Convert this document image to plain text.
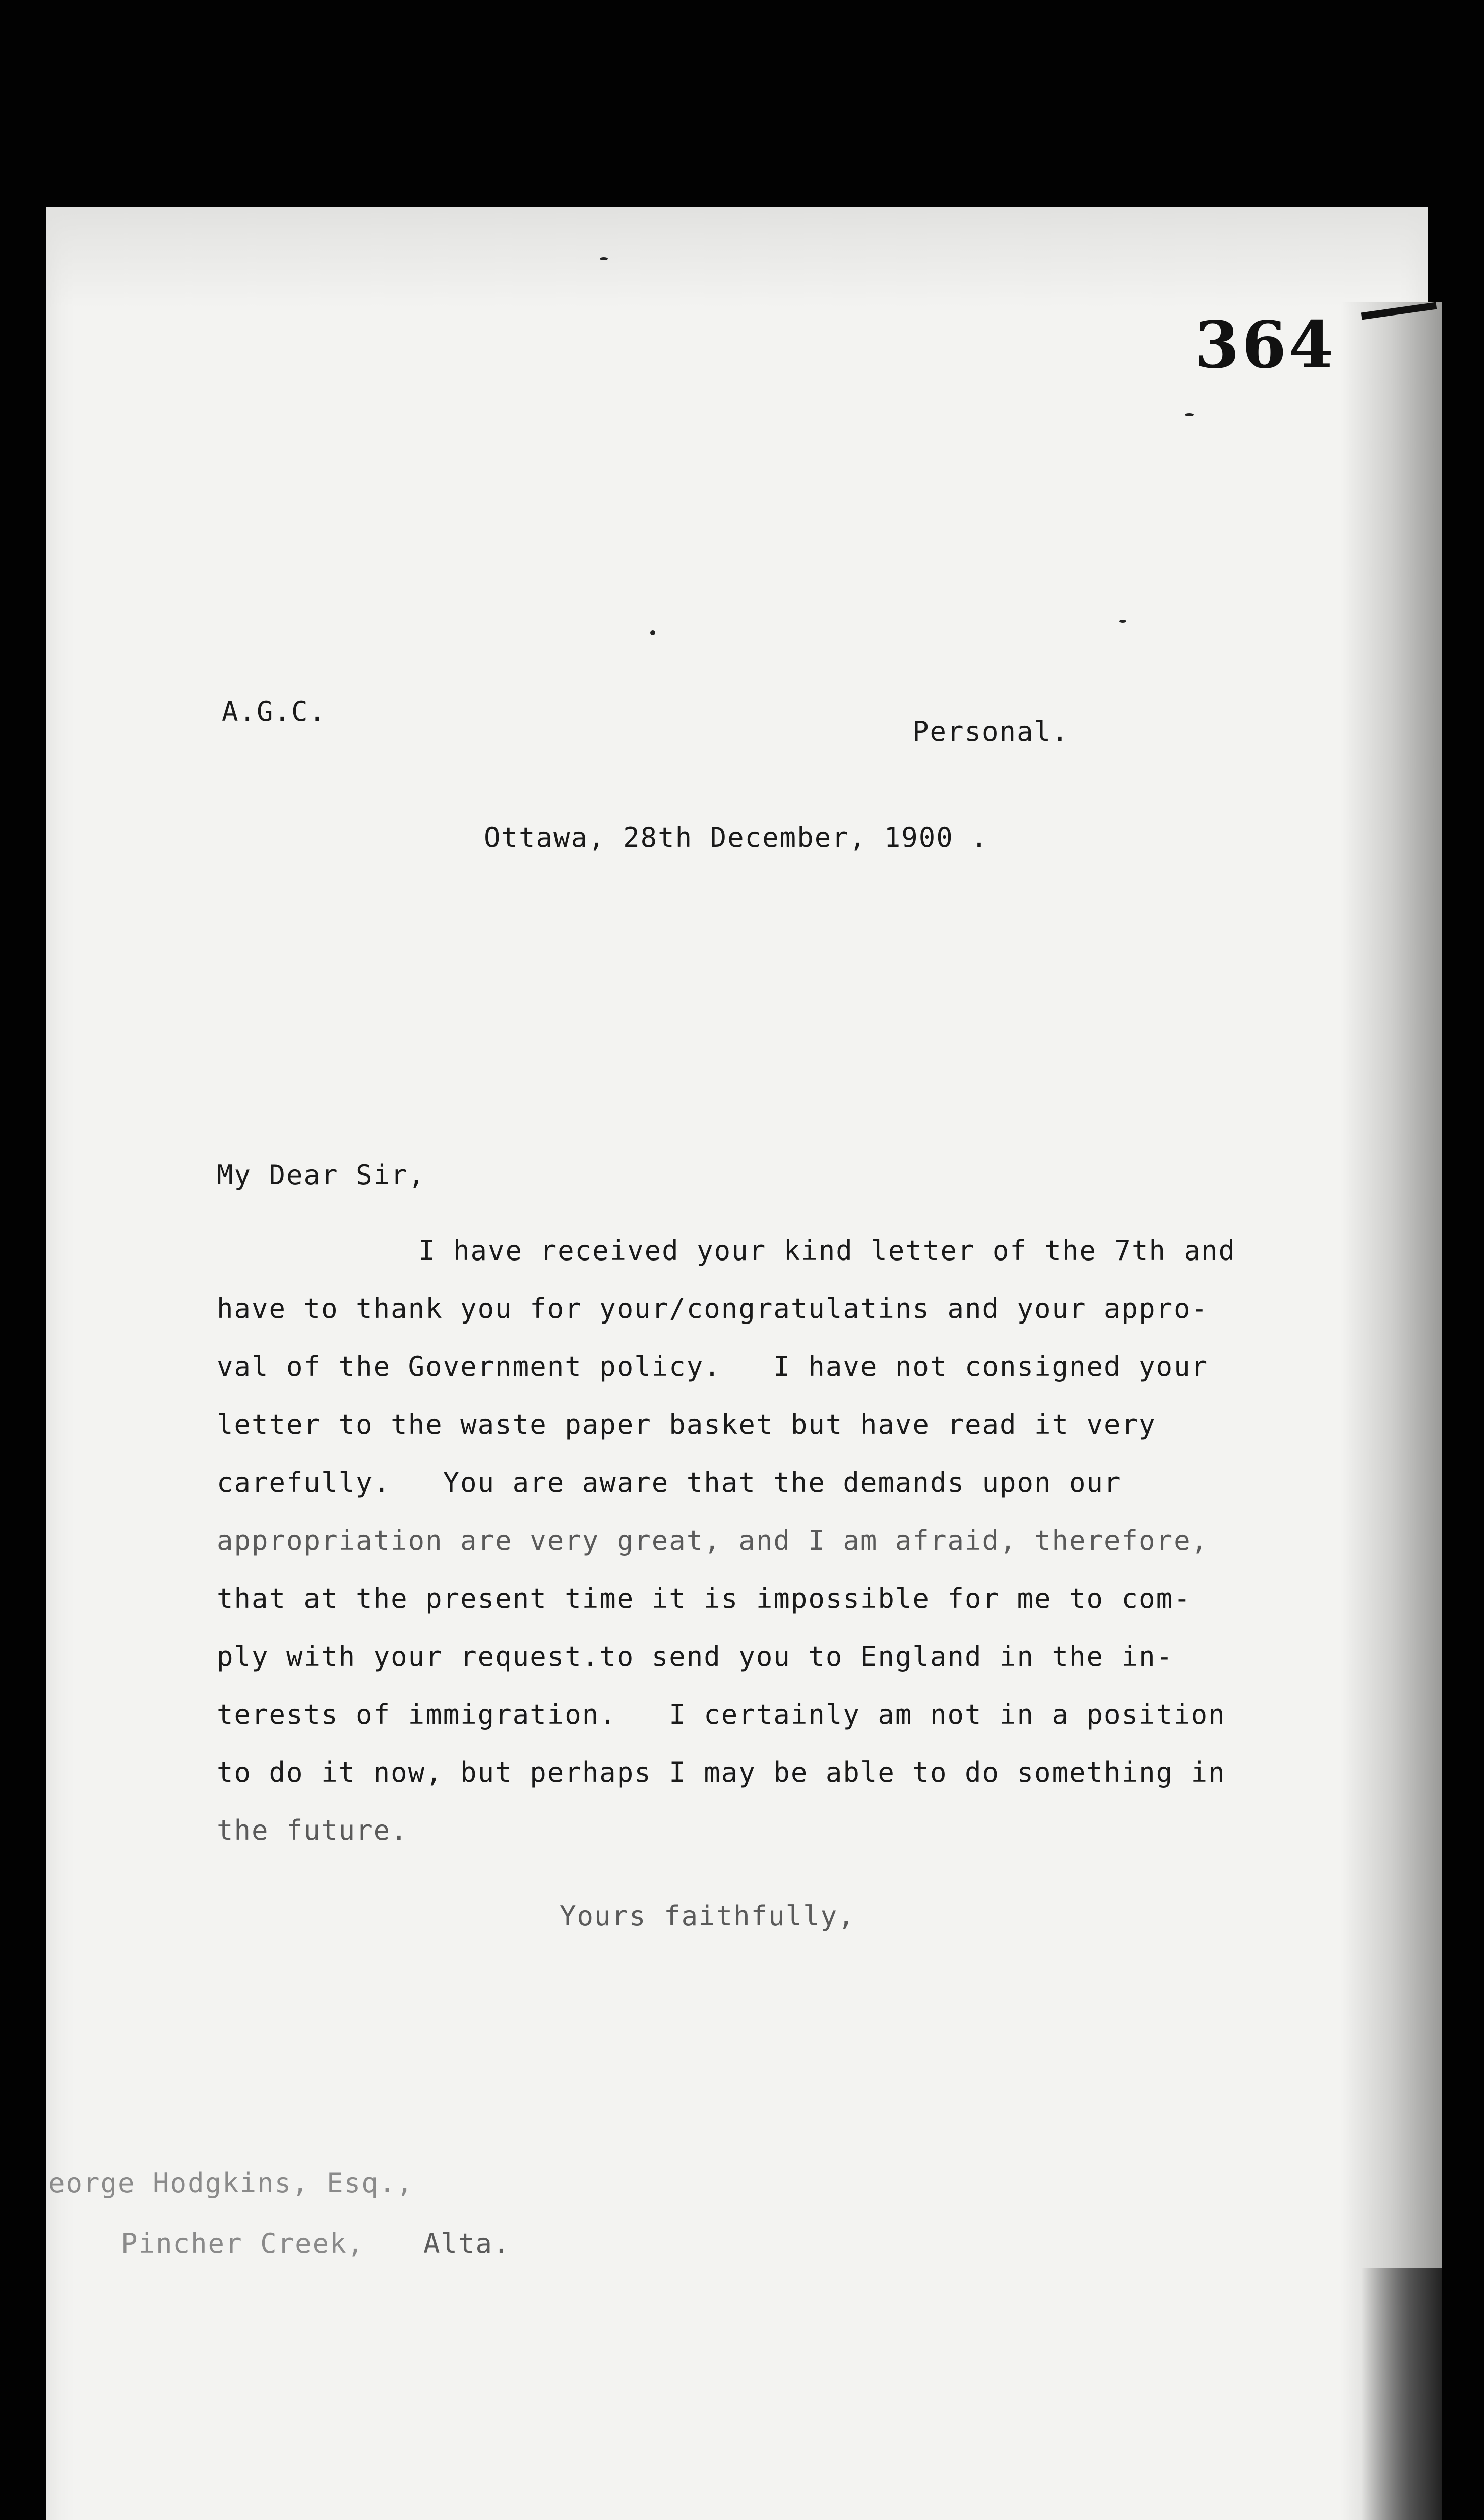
364
A.G.C.
Personal.
Ottawa, 28th December, 1900 .
My Dear Sir,
I have received your kind letter of the 7th and
have to thank you for your/congratulatins and your appro-
val of the Government policy.   I have not consigned your
letter to the waste paper basket but have read it very
carefully.   You are aware that the demands upon our
appropriation are very great, and I am afraid, therefore,
that at the present time it is impossible for me to com-
ply with your request.to send you to England in the in-
terests of immigration.   I certainly am not in a position
to do it now, but perhaps I may be able to do something in
the future.
Yours faithfully,
eorge Hodgkins, Esq.,
Pincher Creek, Alta.
